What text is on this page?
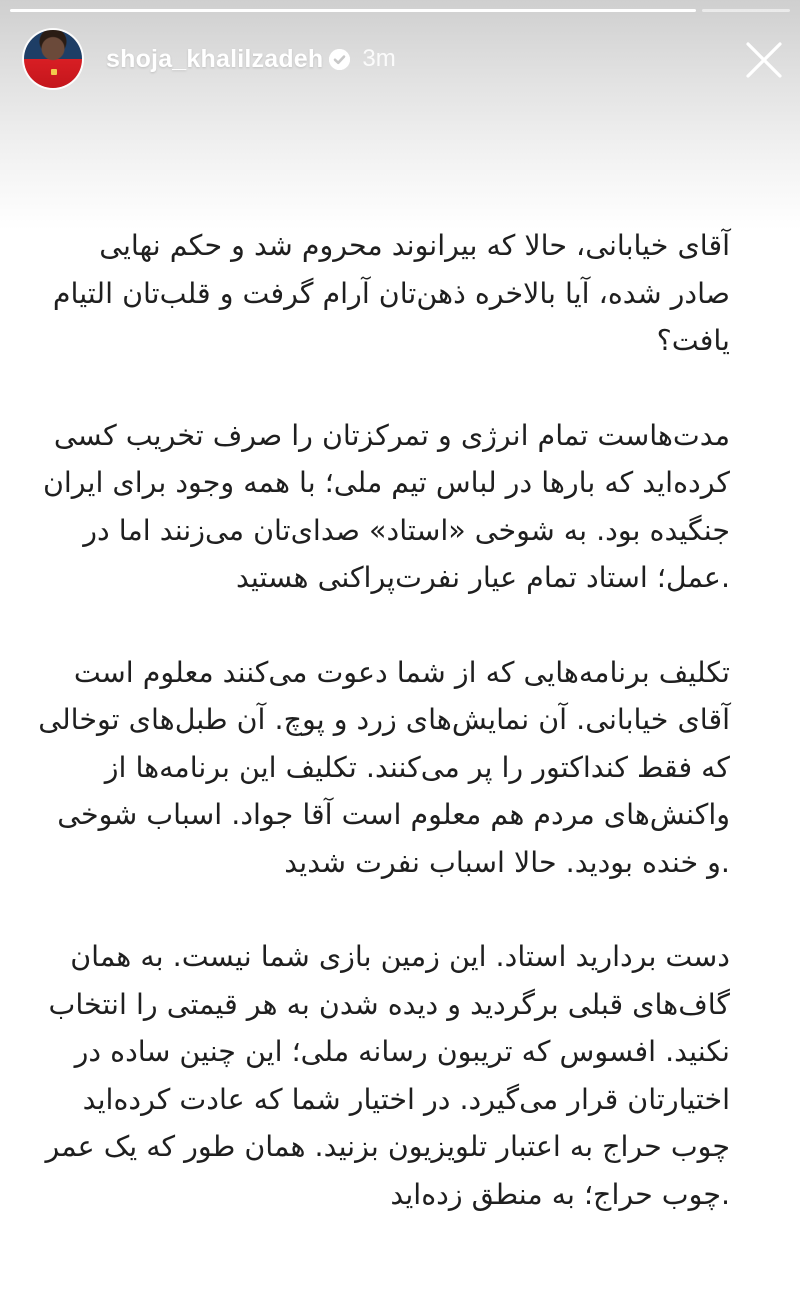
shoja_khalilzadeh 3m

آقای خیابانی، حالا که بیرانوند محروم شد و حکم نهایی
صادر شده، آیا بالاخره ذهن‌تان آرام گرفت و قلب‌تان التیام
یافت؟

مدت‌هاست تمام انرژی و تمرکزتان را صرف تخریب کسی
کرده‌اید که بارها در لباس تیم ملی؛ با همه وجود برای ایران
جنگیده بود. به شوخی «استاد» صدای‌تان می‌زنند اما در
.عمل؛ استاد تمام عیار نفرت‌پراکنی هستید

تکلیف برنامه‌هایی که از شما دعوت می‌کنند معلوم است
آقای خیابانی. آن نمایش‌های زرد و پوچ. آن طبل‌های توخالی
که فقط کنداکتور را پر می‌کنند. تکلیف این برنامه‌ها از
واکنش‌های مردم هم معلوم است آقا جواد. اسباب شوخی
.و خنده بودید. حالا اسباب نفرت شدید

دست بردارید استاد. این زمین بازی شما نیست. به همان
گاف‌های قبلی برگردید و دیده شدن به هر قیمتی را انتخاب
نکنید. افسوس که تریبون رسانه ملی؛ این چنین ساده در
اختیارتان قرار می‌گیرد. در اختیار شما که عادت کرده‌اید
چوب حراج به اعتبار تلویزیون بزنید. همان طور که یک عمر
.چوب حراج؛ به منطق زده‌اید
